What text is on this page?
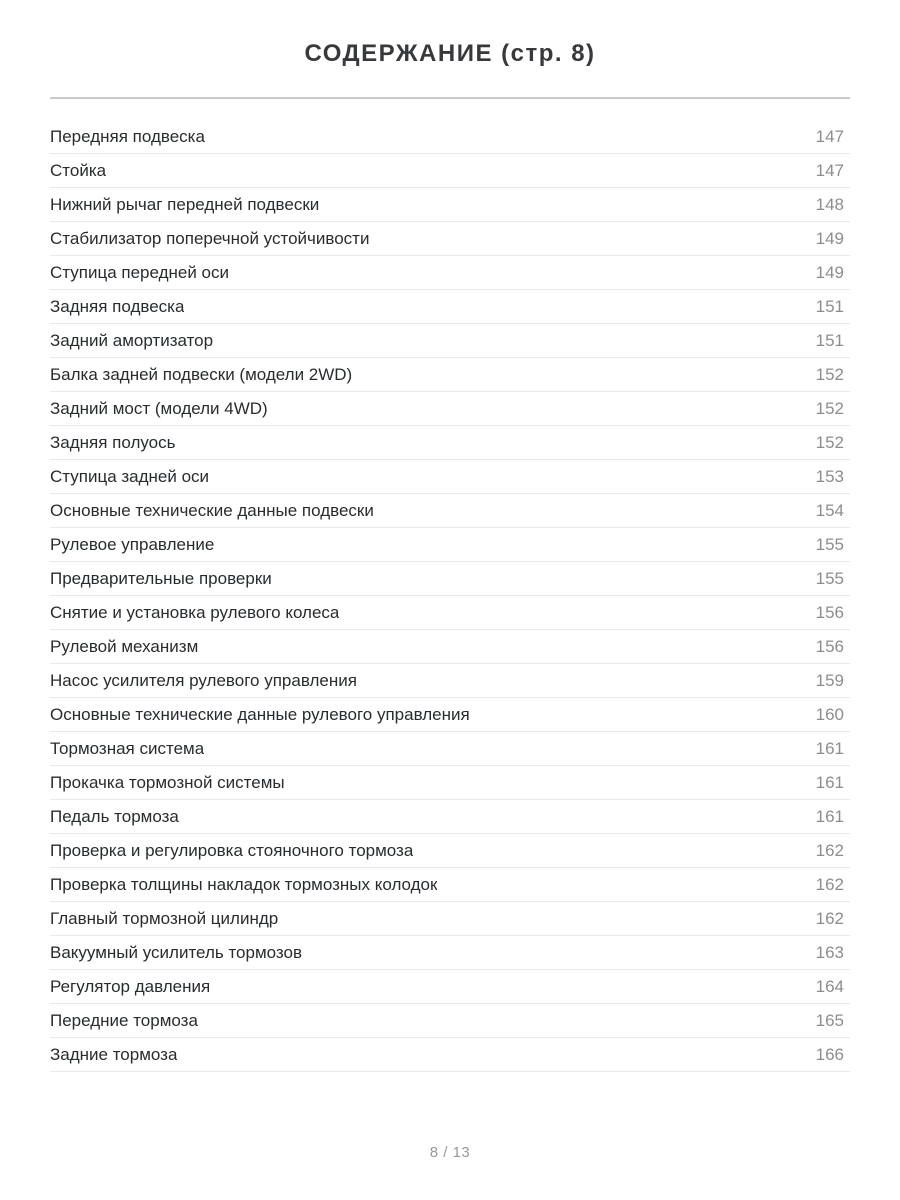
СОДЕРЖАНИЕ (стр. 8)
Передняя подвеска	147
Стойка	147
Нижний рычаг передней подвески	148
Стабилизатор поперечной устойчивости	149
Ступица передней оси	149
Задняя подвеска	151
Задний амортизатор	151
Балка задней подвески (модели 2WD)	152
Задний мост (модели 4WD)	152
Задняя полуось	152
Ступица задней оси	153
Основные технические данные подвески	154
Рулевое управление	155
Предварительные проверки	155
Снятие и установка рулевого колеса	156
Рулевой механизм	156
Насос усилителя рулевого управления	159
Основные технические данные рулевого управления	160
Тормозная система	161
Прокачка тормозной системы	161
Педаль тормоза	161
Проверка и регулировка стояночного тормоза	162
Проверка толщины накладок тормозных колодок	162
Главный тормозной цилиндр	162
Вакуумный усилитель тормозов	163
Регулятор давления	164
Передние тормоза	165
Задние тормоза	166
8 / 13
